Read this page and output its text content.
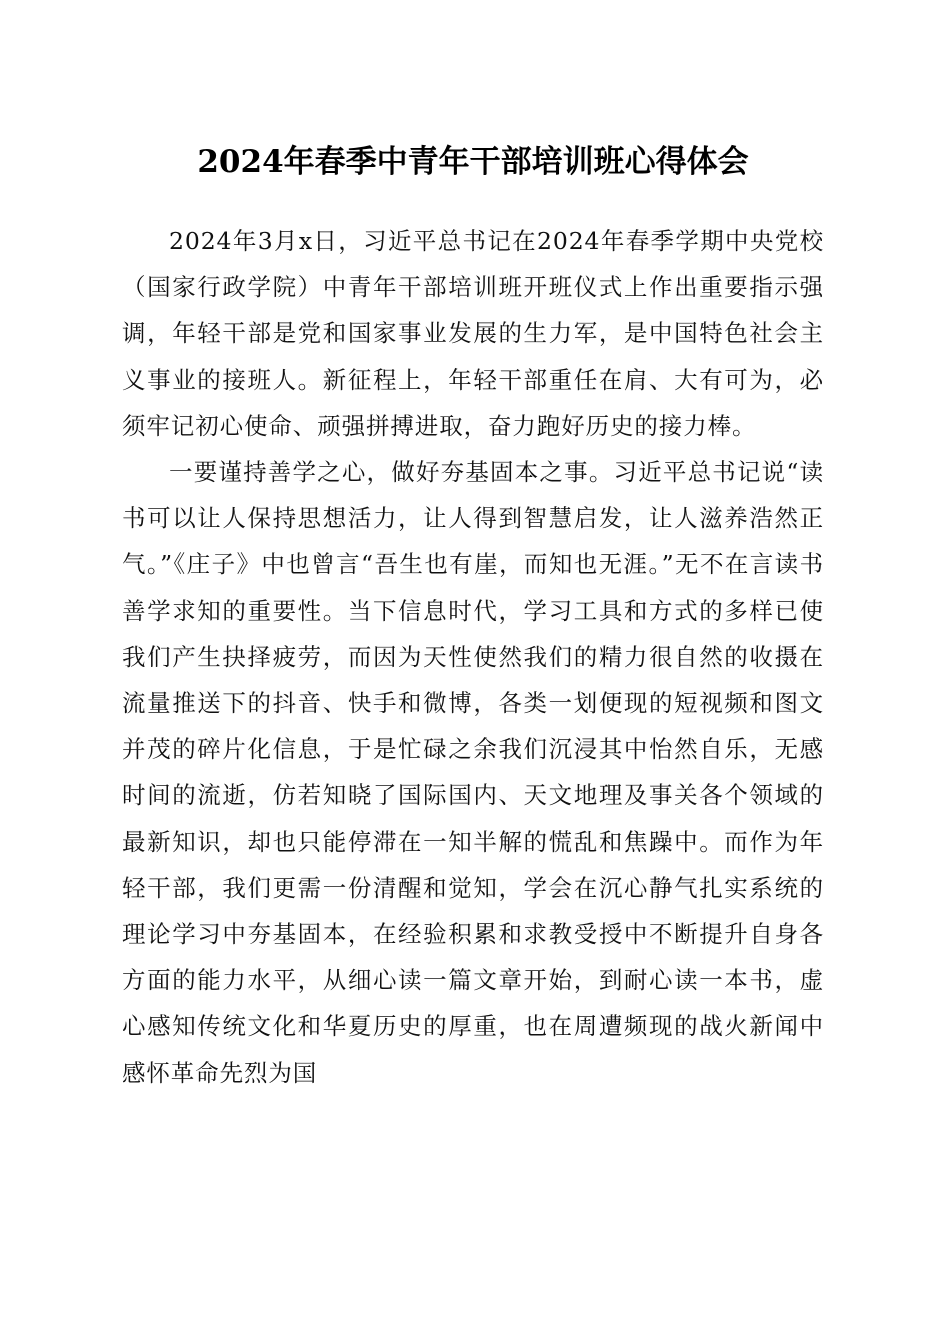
2024年春季中青年干部培训班心得体会

2024年3月x日，习近平总书记在2024年春季学期中央党校（国家行政学院）中青年干部培训班开班仪式上作出重要指示强调，年轻干部是党和国家事业发展的生力军，是中国特色社会主义事业的接班人。新征程上，年轻干部重任在肩、大有可为，必须牢记初心使命、顽强拼搏进取，奋力跑好历史的接力棒。

一要谨持善学之心，做好夯基固本之事。习近平总书记说“读书可以让人保持思想活力，让人得到智慧启发，让人滋养浩然正气。”《庄子》中也曾言“吾生也有崖，而知也无涯。”无不在言读书善学求知的重要性。当下信息时代，学习工具和方式的多样已使我们产生抉择疲劳，而因为天性使然我们的精力很自然的收摄在流量推送下的抖音、快手和微博，各类一划便现的短视频和图文并茂的碎片化信息，于是忙碌之余我们沉浸其中怡然自乐，无感时间的流逝，仿若知晓了国际国内、天文地理及事关各个领域的最新知识，却也只能停滞在一知半解的慌乱和焦躁中。而作为年轻干部，我们更需一份清醒和觉知，学会在沉心静气扎实系统的理论学习中夯基固本，在经验积累和求教受授中不断提升自身各方面的能力水平，从细心读一篇文章开始，到耐心读一本书，虚心感知传统文化和华夏历史的厚重，也在周遭频现的战火新闻中感怀革命先烈为国
